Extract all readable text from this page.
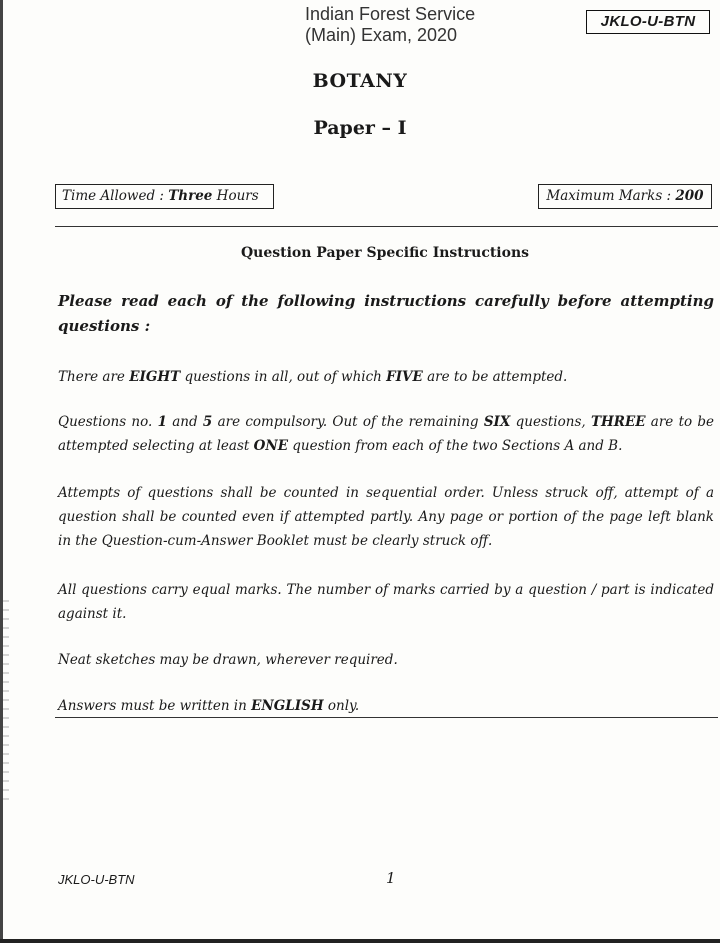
Indian Forest Service
(Main) Exam, 2020
JKLO-U-BTN
BOTANY
Paper – I
Time Allowed : Three Hours	Maximum Marks : 200
Question Paper Specific Instructions
Please read each of the following instructions carefully before attempting questions :
There are EIGHT questions in all, out of which FIVE are to be attempted.
Questions no. 1 and 5 are compulsory. Out of the remaining SIX questions, THREE are to be attempted selecting at least ONE question from each of the two Sections A and B.
Attempts of questions shall be counted in sequential order. Unless struck off, attempt of a question shall be counted even if attempted partly. Any page or portion of the page left blank in the Question-cum-Answer Booklet must be clearly struck off.
All questions carry equal marks. The number of marks carried by a question / part is indicated against it.
Neat sketches may be drawn, wherever required.
Answers must be written in ENGLISH only.
JKLO-U-BTN	1
